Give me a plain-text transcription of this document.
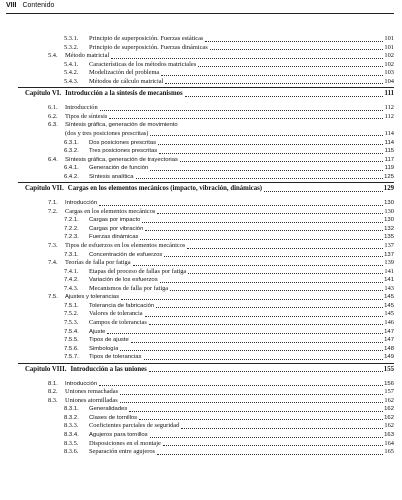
VIII Contenido
5.3.1.	Principio de superposición. Fuerzas estáticas	101
5.3.2.	Principio de superposición. Fuerzas dinámicas	101
5.4.	Método matricial	102
5.4.1.	Características de los métodos matriciales	102
5.4.2.	Modelización del problema	103
5.4.3.	Métodos de cálculo matricial	104
Capítulo VI. Introducción a la síntesis de mecanismos	111
6.1.	Introducción	112
6.2.	Tipos de síntesis	112
6.3.	Síntesis gráfica, generación de movimiento
(dos y tres posiciones prescritas)	114
6.3.1.	Dos posiciones prescritas	114
6.3.2.	Tres posiciones prescritas	115
6.4.	Síntesis gráfica, generación de trayectorias	117
6.4.1.	Generación de función	119
6.4.2.	Síntesis analítica	125
Capítulo VII. Cargas en los elementos mecánicos (impacto, vibración, dinámicas)	129
7.1.	Introducción	130
7.2.	Cargas en los elementos mecánicos	130
7.2.1.	Cargas por impacto	130
7.2.2.	Cargas por vibración	132
7.2.3.	Fuerzas dinámicas	135
7.3.	Tipos de esfuerzos en los elementos mecánicos	137
7.3.1.	Concentración de esfuerzos	137
7.4.	Teorías de falla por fatiga	139
7.4.1.	Etapas del proceso de fallas por fatiga	141
7.4.2.	Variación de los esfuerzos	141
7.4.3.	Mecanismos de falla por fatiga	143
7.5.	Ajustes y tolerancias	145
7.5.1.	Tolerancia de fabricación	145
7.5.2.	Valores de tolerancia	145
7.5.3.	Campos de tolerancias	146
7.5.4.	Ajuste	147
7.5.5.	Tipos de ajuste	147
7.5.6.	Simbología	148
7.5.7.	Tipos de tolerancias	149
Capítulo VIII. Introducción a las uniones	155
8.1.	Introducción	156
8.2.	Uniones remachadas	157
8.3.	Uniones atornilladas	162
8.3.1.	Generalidades	162
8.3.2.	Clases de tornillos	162
8.3.3.	Coeficientes parciales de seguridad	162
8.3.4.	Agujeros para tornillos	163
8.3.5.	Disposiciones en el montaje	164
8.3.6.	Separación entre agujeros	165
